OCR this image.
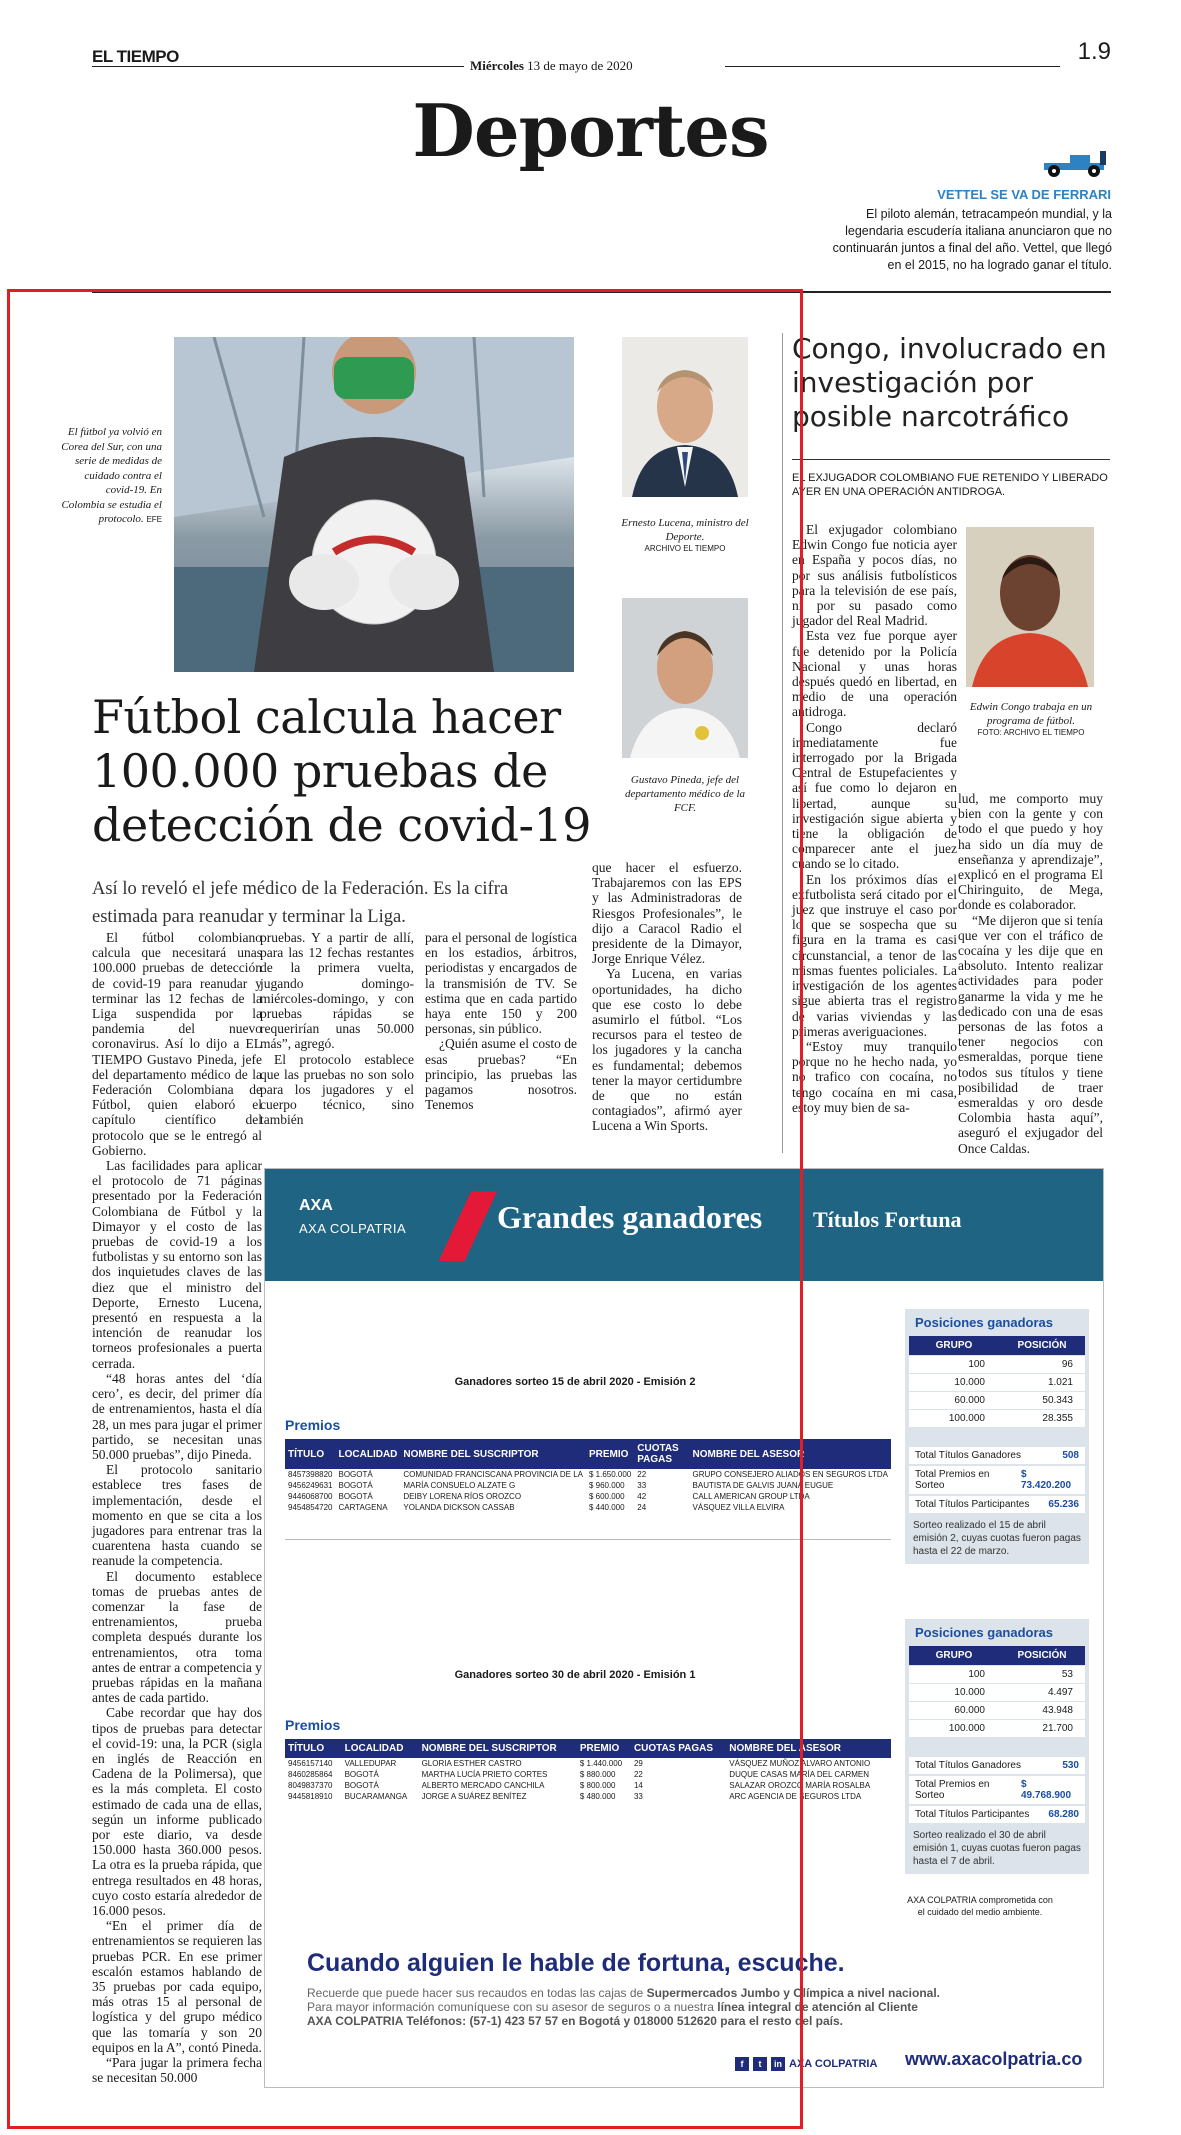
EL TIEMPO	Miércoles 13 de mayo de 2020
1.9
Deportes
VETTEL SE VA DE FERRARI
El piloto alemán, tetracampeón mundial, y la legendaria escudería italiana anunciaron que no continuarán juntos a final del año. Vettel, que llegó en el 2015, no ha logrado ganar el título.
El fútbol ya volvió en Corea del Sur, con una serie de medidas de cuidado contra el covid-19. En Colombia se estudia el protocolo. EFE	Ernesto Lucena, ministro del Deporte.
ARCHIVO EL TIEMPO
Gustavo Pineda, jefe del departamento médico de la FCF.
Fútbol calcula hacer 100.000 pruebas de detección de covid-19

Así lo reveló el jefe médico de la Federación. Es la cifra estimada para reanudar y terminar la Liga.

El fútbol colombiano calcula que necesitará unas 100.000 pruebas de detección de covid-19 para reanudar y terminar las 12 fechas de la Liga suspendida por la pandemia del nuevo coronavirus. Así lo dijo a EL TIEMPO Gustavo Pineda, jefe del departamento médico de la Federación Colombiana de Fútbol, quien elaboró el capítulo científico del protocolo que se le entregó al Gobierno.

Las facilidades para aplicar el protocolo de 71 páginas presentado por la Federación Colombiana de Fútbol y la Dimayor y el costo de las pruebas de covid-19 a los futbolistas y su entorno son las dos inquietudes claves de las diez que el ministro del Deporte, Ernesto Lucena, presentó en respuesta a la intención de reanudar los torneos profesionales a puerta cerrada.

“48 horas antes del ‘día cero’, es decir, del primer día de entrenamientos, hasta el día 28, un mes para jugar el primer partido, se necesitan unas 50.000 pruebas”, dijo Pineda.

El protocolo sanitario establece tres fases de implementación, desde el momento en que se cita a los jugadores para entrenar tras la cuarentena hasta cuando se reanude la competencia.

El documento establece tomas de pruebas antes de comenzar la fase de entrenamientos, prueba completa después durante los entrenamientos, otra toma antes de entrar a competencia y pruebas rápidas en la mañana antes de cada partido.

Cabe recordar que hay dos tipos de pruebas para detectar el covid-19: una, la PCR (sigla en inglés de Reacción en Cadena de la Polimersa), que es la más completa. El costo estimado de cada una de ellas, según un informe publicado por este diario, va desde 150.000 hasta 360.000 pesos. La otra es la prueba rápida, que entrega resultados en 48 horas, cuyo costo estaría alrededor de 16.000 pesos.

“En el primer día de entrenamientos se requieren las pruebas PCR. En ese primer escalón estamos hablando de 35 pruebas por cada equipo, más otras 15 al personal de logística y del grupo médico que las tomaría y son 20 equipos en la A”, contó Pineda.

“Para jugar la primera fecha se necesitan 50.000

pruebas. Y a partir de allí, para las 12 fechas restantes de la primera vuelta, jugando domingo-miércoles-domingo, y con pruebas rápidas se requerirían unas 50.000 más”, agregó.

El protocolo establece que las pruebas no son solo para los jugadores y el cuerpo técnico, sino también

para el personal de logística en los estadios, árbitros, periodistas y encargados de la transmisión de TV. Se estima que en cada partido haya ente 150 y 200 personas, sin público.

¿Quién asume el costo de esas pruebas? “En principio, las pruebas las pagamos nosotros. Tenemos

que hacer el esfuerzo. Trabajaremos con las EPS y las Administradoras de Riesgos Profesionales”, le dijo a Caracol Radio el presidente de la Dimayor, Jorge Enrique Vélez.

Ya Lucena, en varias oportunidades, ha dicho que ese costo lo debe asumirlo el fútbol. “Los recursos para el testeo de los jugadores y la cancha es fundamental; debemos tener la mayor certidumbre de que no están contagiados”, afirmó ayer Lucena a Win Sports.

Congo, involucrado en investigación por posible narcotráfico
EL EXJUGADOR COLOMBIANO FUE RETENIDO Y LIBERADO AYER EN UNA OPERACIÓN ANTIDROGA.
Edwin Congo trabaja en un programa de fútbol.
FOTO: ARCHIVO EL TIEMPO

El exjugador colombiano Edwin Congo fue noticia ayer en España y pocos días, no por sus análisis futbolísticos para la televisión de ese país, ni por su pasado como jugador del Real Madrid.

Esta vez fue porque ayer fue detenido por la Policía Nacional y unas horas después quedó en libertad, en medio de una operación antidroga.

Congo declaró inmediatamente fue interrogado por la Brigada Central de Estupefacientes y así fue como lo dejaron en libertad, aunque su investigación sigue abierta y tiene la obligación de comparecer ante el juez cuando se lo citado.

En los próximos días el exfutbolista será citado por el juez que instruye el caso por lo que se sospecha que su figura en la trama es casi circunstancial, a tenor de las mismas fuentes policiales. La investigación de los agentes sigue abierta tras el registro de varias viviendas y las primeras averiguaciones.

“Estoy muy tranquilo porque no he hecho nada, yo no trafico con cocaína, no tengo cocaína en mi casa, estoy muy bien de sa-

lud, me comporto muy bien con la gente y con todo el que puedo y hoy ha sido un día muy de enseñanza y aprendizaje”, explicó en el programa El Chiringuito, de Mega, donde es colaborador.

“Me dijeron que si tenía que ver con el tráfico de cocaína y les dije que en absoluto. Intento realizar actividades para poder ganarme la vida y me he dedicado con una de esas personas de las fotos a tener negocios con esmeraldas, porque tiene todos sus títulos y tiene posibilidad de traer esmeraldas y oro desde Colombia hasta aquí”, aseguró el exjugador del Once Caldas.

AXA
AXA COLPATRIA	Grandes ganadores Títulos Fortuna
Ganadores sorteo 15 de abril 2020 - Emisión 2
Premios
TÍTULO	LOCALIDAD	NOMBRE DEL SUSCRIPTOR	PREMIO	CUOTAS PAGAS	NOMBRE DEL ASESOR
8457398820	BOGOTÁ	COMUNIDAD FRANCISCANA PROVINCIA DE LA	$ 1.650.000	22	GRUPO CONSEJERO ALIADOS EN SEGUROS LTDA
9456249631	BOGOTÁ	MARÍA CONSUELO ALZATE G	$ 960.000	33	BAUTISTA DE GALVIS JUANA EUGUE
9446068700	BOGOTÁ	DEIBY LORENA RÍOS OROZCO	$ 600.000	42	CALL AMERICAN GROUP LTDA
9454854720	CARTAGENA	YOLANDA DICKSON CASSAB	$ 440.000	24	VÁSQUEZ VILLA ELVIRA
Posiciones ganadoras
GRUPO	POSICIÓN
100	96
10.000	1.021
60.000	50.343
100.000	28.355
Total Títulos Ganadores	508
Total Premios en Sorteo
$ 73.420.200
Total Títulos Participantes 65.236
Sorteo realizado el 15 de abril emisión 2, cuyas cuotas fueron pagas hasta el 22 de marzo.
Ganadores sorteo 30 de abril 2020 - Emisión 1
Premios
TÍTULO	LOCALIDAD	NOMBRE DEL SUSCRIPTOR	PREMIO	CUOTAS PAGAS	NOMBRE DEL ASESOR
9456157140	VALLEDUPAR	GLORIA ESTHER CASTRO	$ 1.440.000	29	VÁSQUEZ MUÑOZ ALVARO ANTONIO
8460285864	BOGOTÁ	MARTHA LUCÍA PRIETO CORTES	$ 880.000	22	DUQUE CASAS MARÍA DEL CARMEN
8049837370	BOGOTÁ	ALBERTO MERCADO CANCHILA	$ 800.000	14	SALAZAR OROZCO MARÍA ROSALBA
9445818910	BUCARAMANGA	JORGE A SUÁREZ BENÍTEZ	$ 480.000	33	ARC AGENCIA DE SEGUROS LTDA
Posiciones ganadoras
GRUPO	POSICIÓN
100	53
10.000	4.497
60.000	43.948
100.000	21.700
Total Títulos Ganadores	530
Total Premios en Sorteo
$ 49.768.900
Total Títulos Participantes 68.280
Sorteo realizado el 30 de abril emisión 1, cuyas cuotas fueron pagas hasta el 7 de abril.
AXA COLPATRIA comprometida con el cuidado del medio ambiente.
Cuando alguien le hable de fortuna, escuche.
Recuerde que puede hacer sus recaudos en todas las cajas de Supermercados Jumbo y Olímpica a nivel nacional.
Para mayor información comuníquese con su asesor de seguros o a nuestra línea integral de atención al Cliente
AXA COLPATRIA Teléfonos: (57-1) 423 57 57 en Bogotá y 018000 512620 para el resto del país.
f	t	in AXA COLPATRIA www.axacolpatria.co
